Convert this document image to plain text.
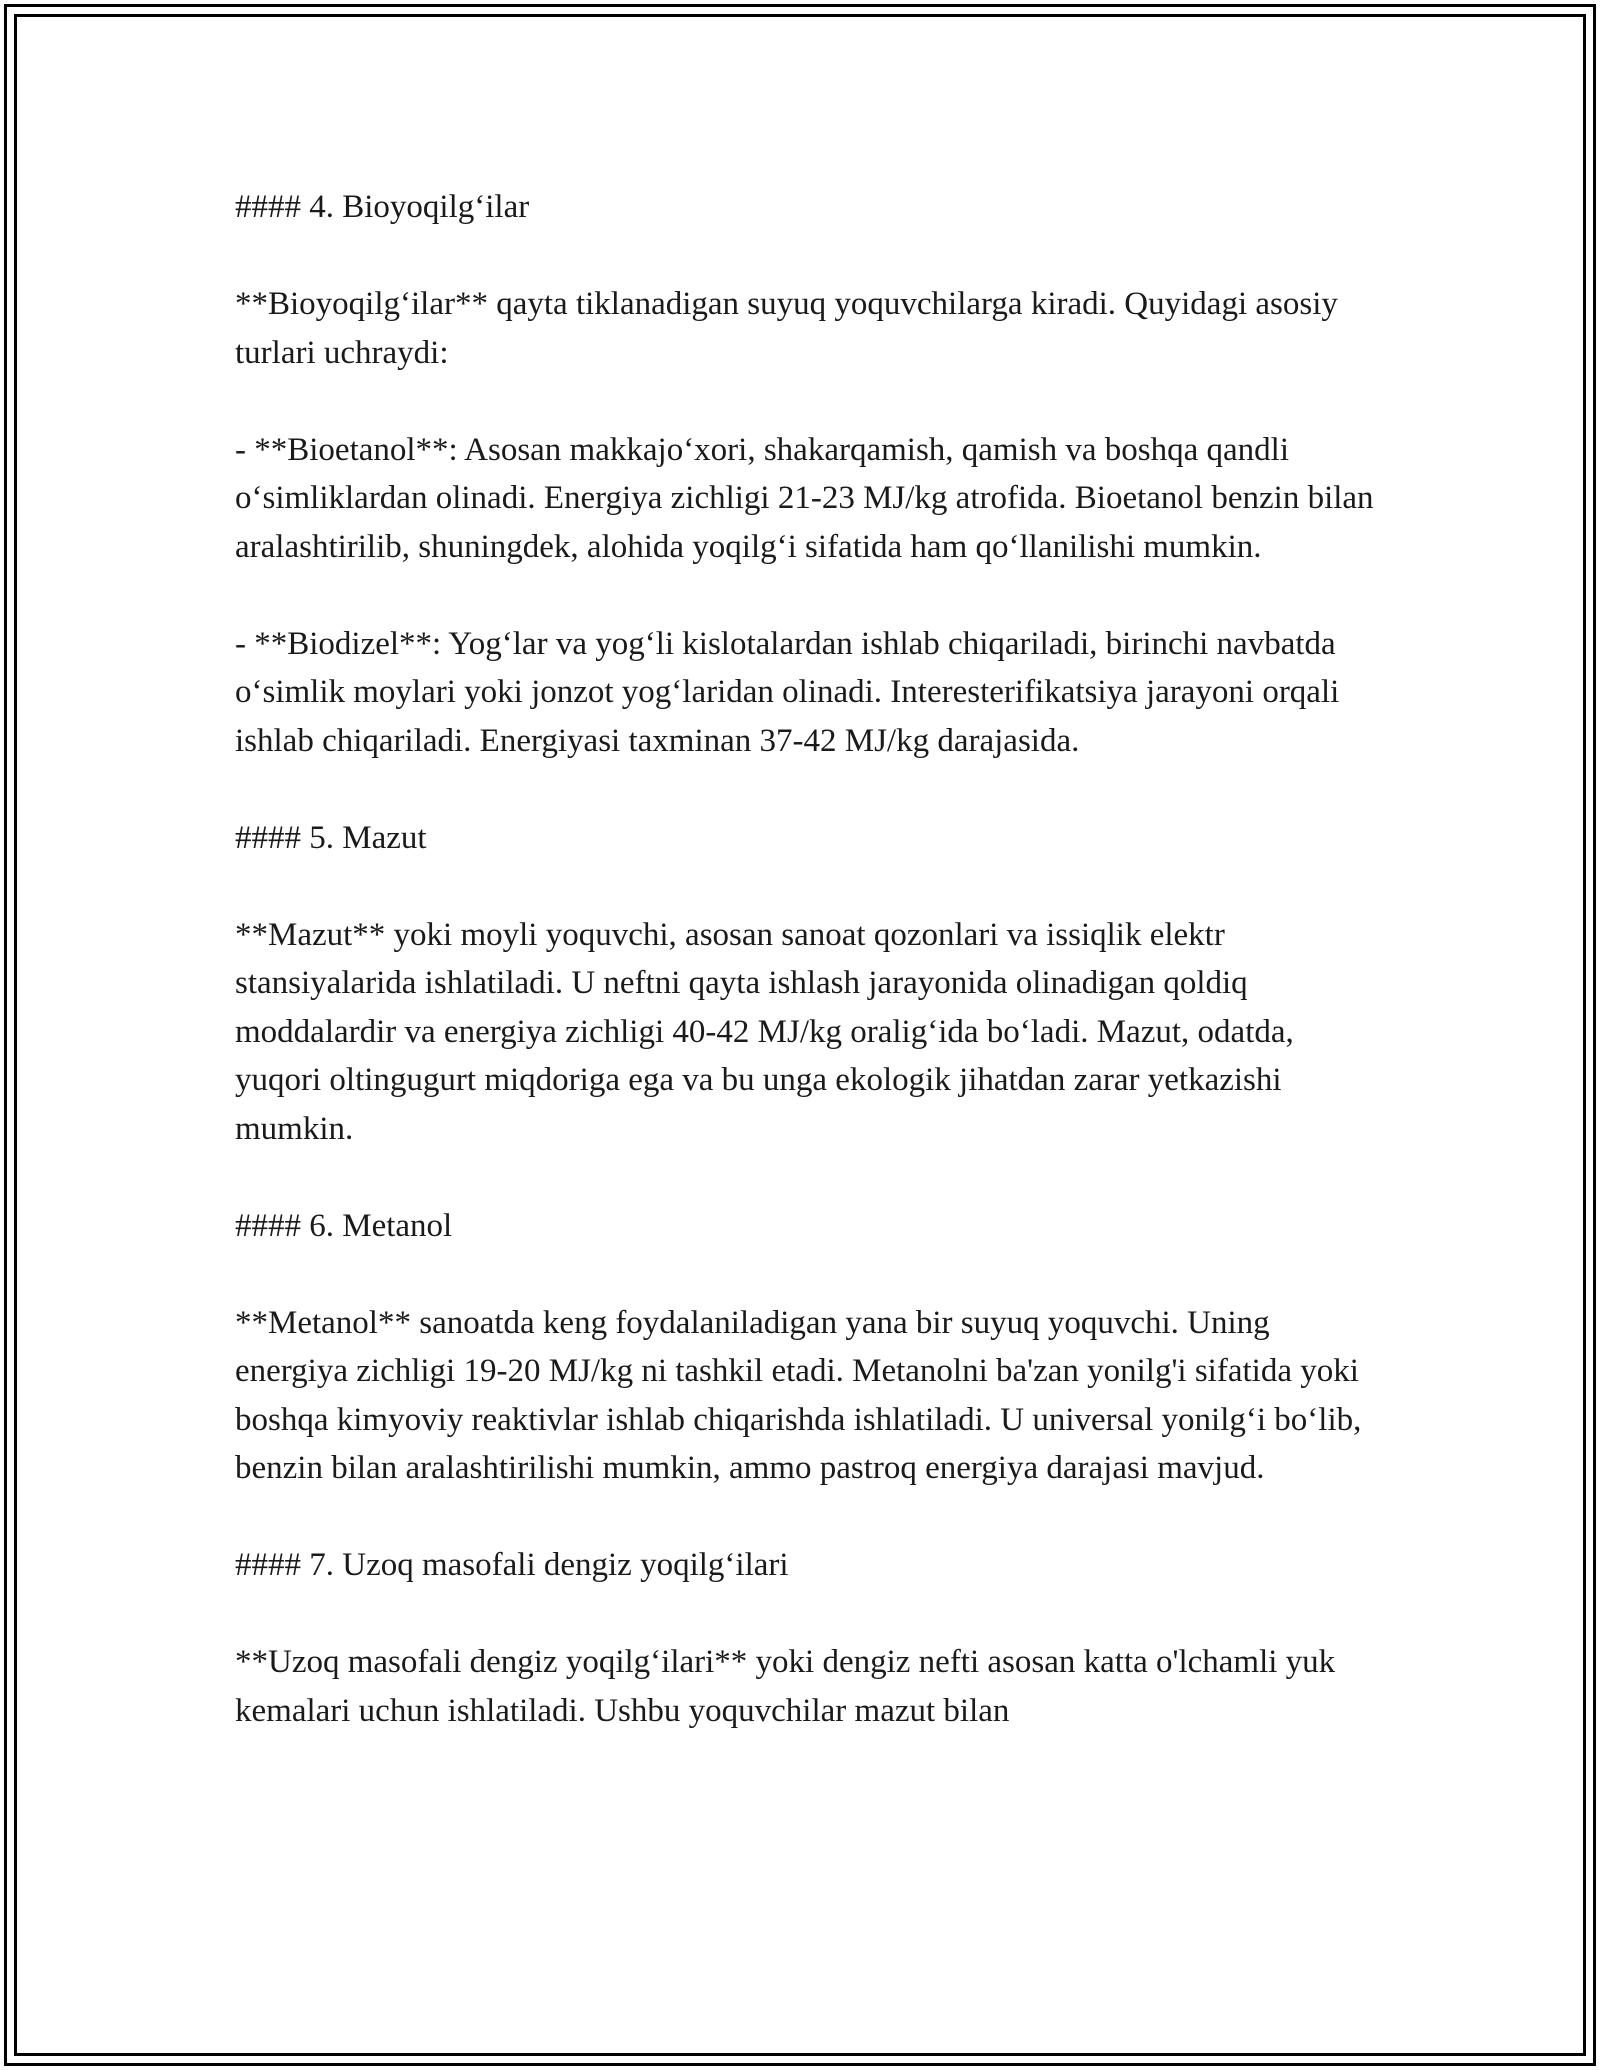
#### 4. Bioyoqilg‘ilar

**Bioyoqilg‘ilar** qayta tiklanadigan suyuq yoquvchilarga kiradi. Quyidagi asosiy turlari uchraydi:

- **Bioetanol**: Asosan makkajo‘xori, shakarqamish, qamish va boshqa qandli o‘simliklardan olinadi. Energiya zichligi 21-23 MJ/kg atrofida. Bioetanol benzin bilan aralashtirilib, shuningdek, alohida yoqilg‘i sifatida ham qo‘llanilishi mumkin.

- **Biodizel**: Yog‘lar va yog‘li kislotalardan ishlab chiqariladi, birinchi navbatda o‘simlik moylari yoki jonzot yog‘laridan olinadi. Interesterifikatsiya jarayoni orqali ishlab chiqariladi. Energiyasi taxminan 37-42 MJ/kg darajasida.

#### 5. Mazut

**Mazut** yoki moyli yoquvchi, asosan sanoat qozonlari va issiqlik elektr stansiyalarida ishlatiladi. U neftni qayta ishlash jarayonida olinadigan qoldiq moddalardir va energiya zichligi 40-42 MJ/kg oralig‘ida bo‘ladi. Mazut, odatda, yuqori oltingugurt miqdoriga ega va bu unga ekologik jihatdan zarar yetkazishi mumkin.

#### 6. Metanol

**Metanol** sanoatda keng foydalaniladigan yana bir suyuq yoquvchi. Uning energiya zichligi 19-20 MJ/kg ni tashkil etadi. Metanolni ba'zan yonilg'i sifatida yoki boshqa kimyoviy reaktivlar ishlab chiqarishda ishlatiladi. U universal yonilg‘i bo‘lib, benzin bilan aralashtirilishi mumkin, ammo pastroq energiya darajasi mavjud.

#### 7. Uzoq masofali dengiz yoqilg‘ilari

**Uzoq masofali dengiz yoqilg‘ilari** yoki dengiz nefti asosan katta o'lchamli yuk kemalari uchun ishlatiladi. Ushbu yoquvchilar mazut bilan
